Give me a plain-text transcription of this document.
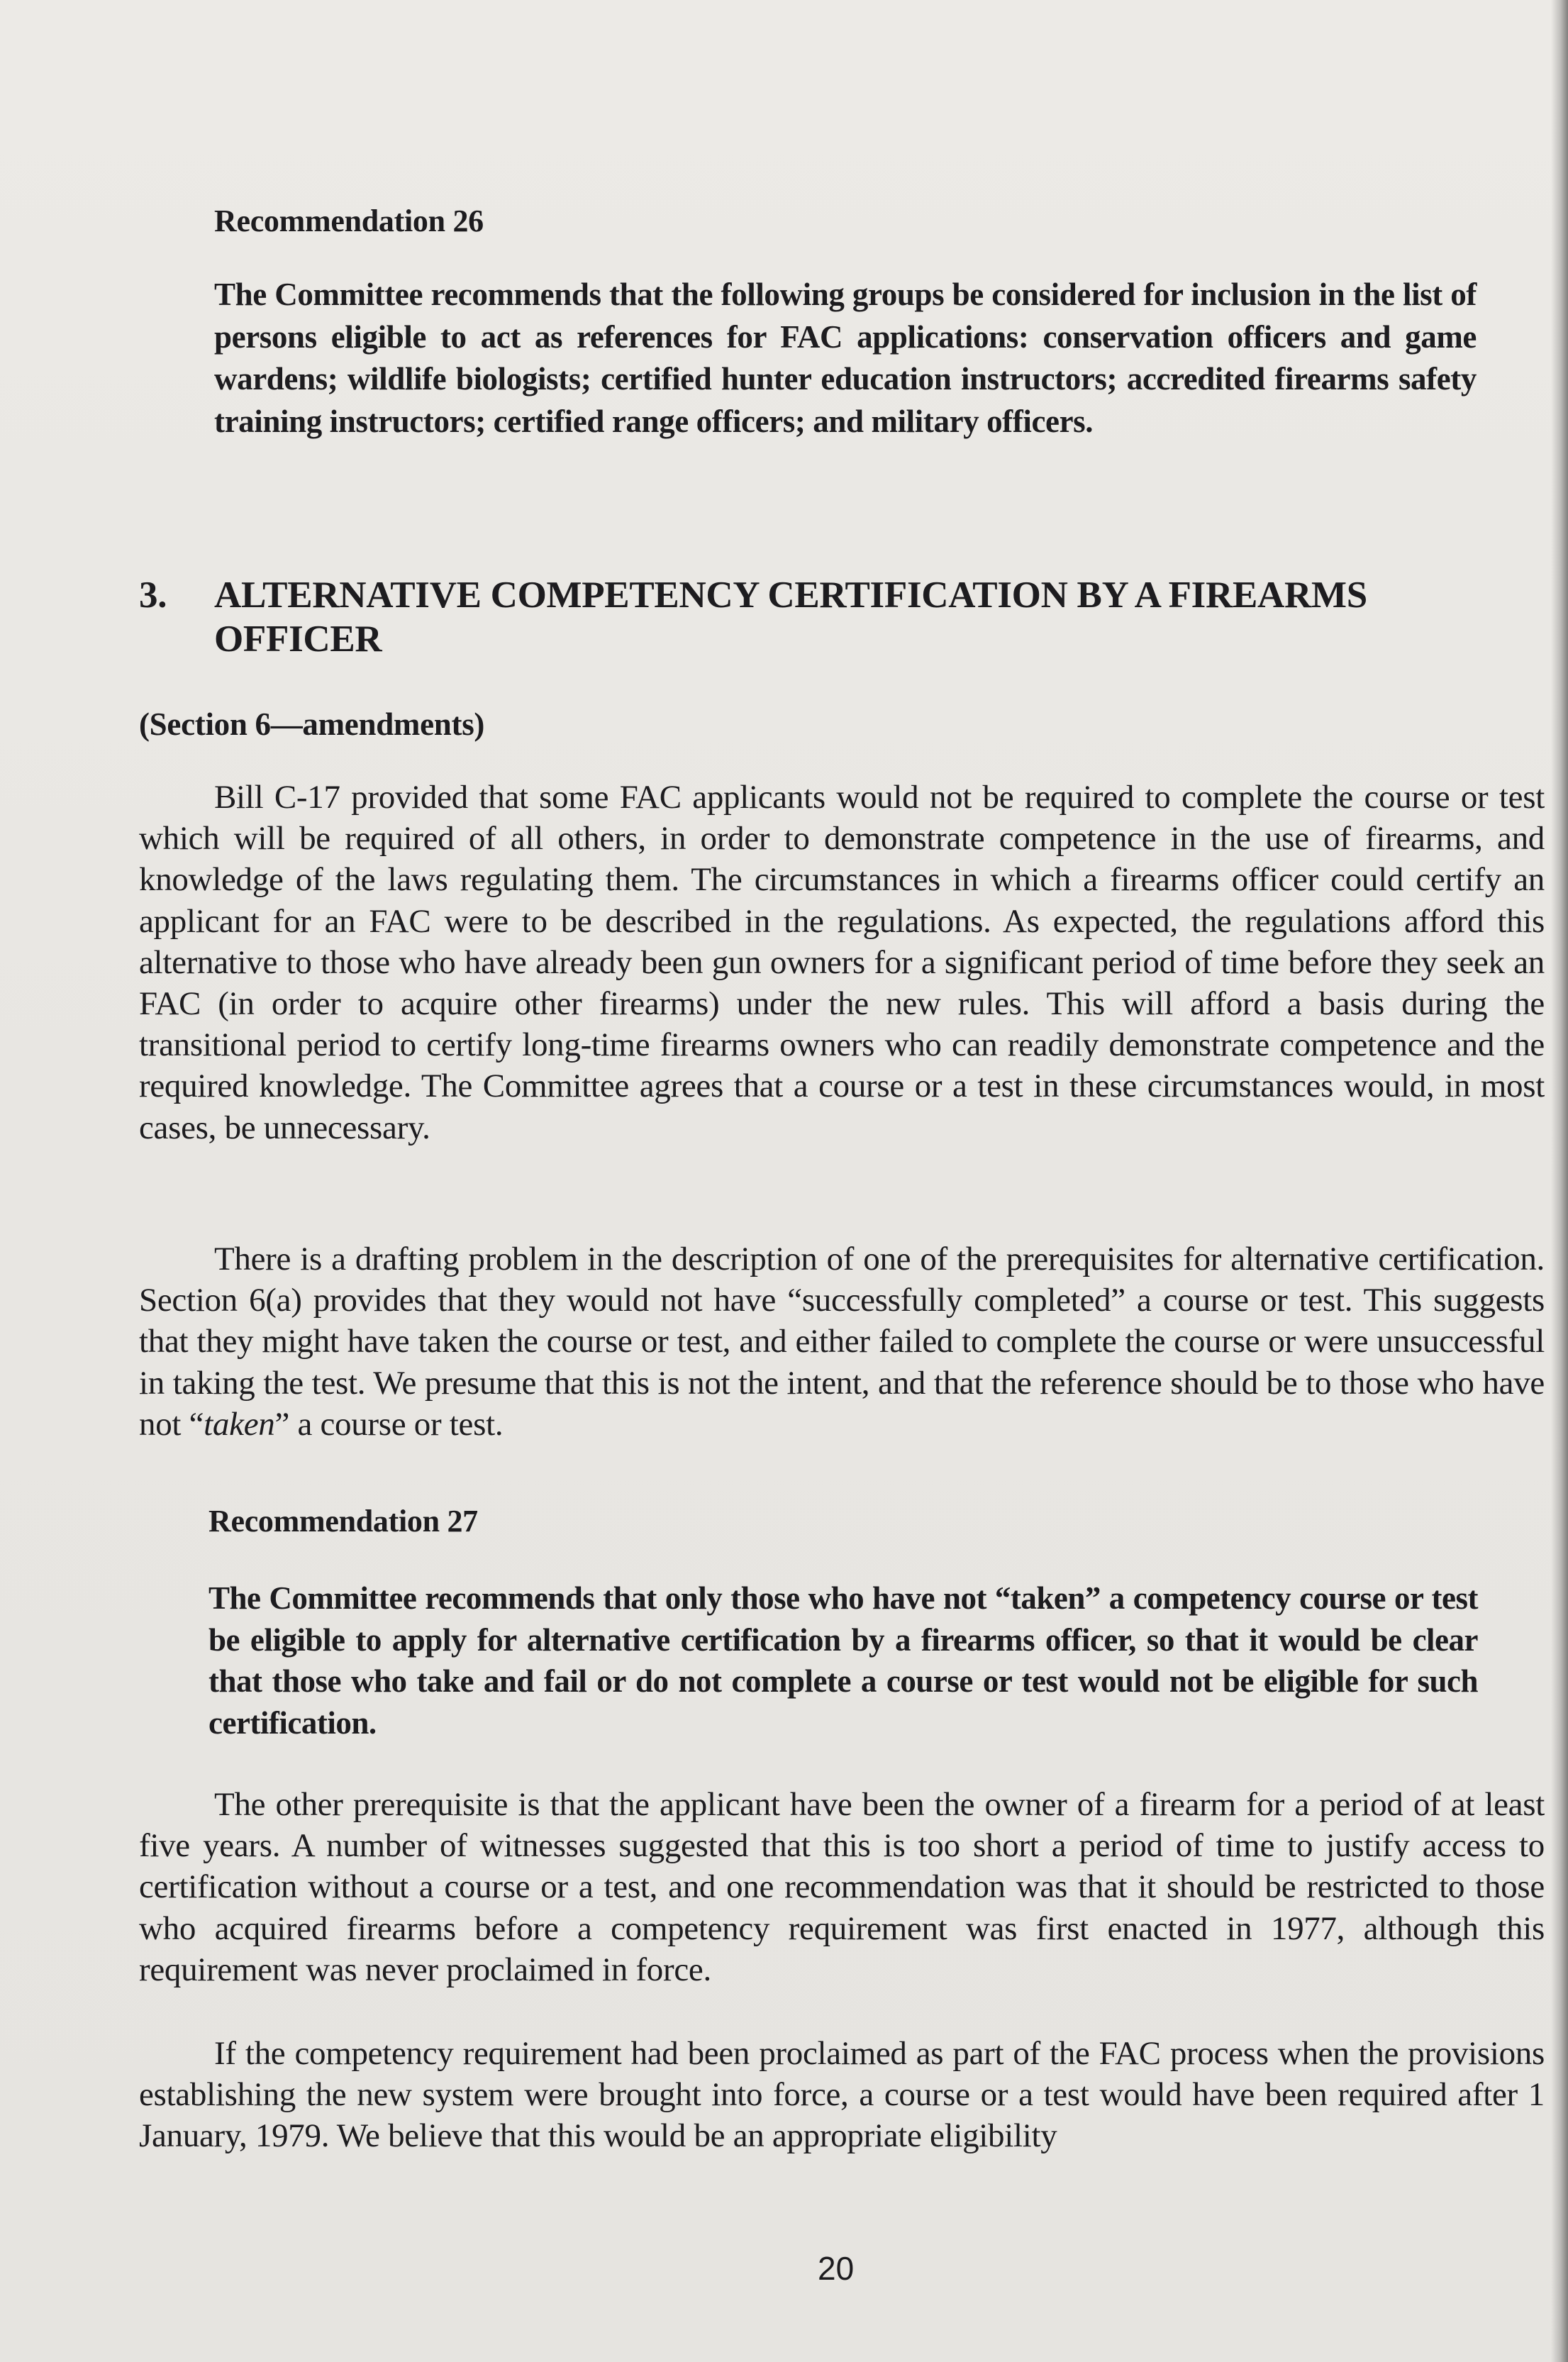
Recommendation 26

The Committee recommends that the following groups be considered for inclusion in the list of persons eligible to act as references for FAC applications: conservation officers and game wardens; wildlife biologists; certified hunter education instructors; accredited firearms safety training instructors; certified range officers; and military officers.

3. ALTERNATIVE COMPETENCY CERTIFICATION BY A FIREARMS
OFFICER

(Section 6—amendments)

Bill C-17 provided that some FAC applicants would not be required to complete the course or test which will be required of all others, in order to demonstrate competence in the use of firearms, and knowledge of the laws regulating them. The circumstances in which a firearms officer could certify an applicant for an FAC were to be described in the regulations. As expected, the regulations afford this alternative to those who have already been gun owners for a significant period of time before they seek an FAC (in order to acquire other firearms) under the new rules. This will afford a basis during the transitional period to certify long-time firearms owners who can readily demonstrate competence and the required knowledge. The Committee agrees that a course or a test in these circumstances would, in most cases, be unnecessary.

There is a drafting problem in the description of one of the prerequisites for alternative certification. Section 6(a) provides that they would not have “successfully completed” a course or test. This suggests that they might have taken the course or test, and either failed to complete the course or were unsuccessful in taking the test. We presume that this is not the intent, and that the reference should be to those who have not “taken” a course or test.

Recommendation 27

The Committee recommends that only those who have not “taken” a competency course or test be eligible to apply for alternative certification by a firearms officer, so that it would be clear that those who take and fail or do not complete a course or test would not be eligible for such certification.

The other prerequisite is that the applicant have been the owner of a firearm for a period of at least five years. A number of witnesses suggested that this is too short a period of time to justify access to certification without a course or a test, and one recommendation was that it should be restricted to those who acquired firearms before a competency requirement was first enacted in 1977, although this requirement was never proclaimed in force.

If the competency requirement had been proclaimed as part of the FAC process when the provisions establishing the new system were brought into force, a course or a test would have been required after 1 January, 1979. We believe that this would be an appropriate eligibility

20
